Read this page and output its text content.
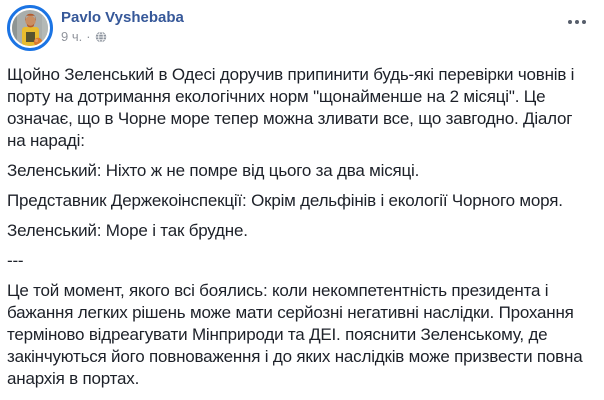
Pavlo Vyshebaba
9 ч. ·

Щойно Зеленський в Одесі доручив припинити будь-які перевірки човнів і порту на дотримання екологічних норм "щонайменше на 2 місяці". Це означає, що в Чорне море тепер можна зливати все, що завгодно. Діалог на нараді:

Зеленський: Ніхто ж не помре від цього за два місяці.

Представник Держекоінспекції: Окрім дельфінів і екології Чорного моря.

Зеленський: Море і так брудне.

---

Це той момент, якого всі боялись: коли некомпетентність президента і бажання легких рішень може мати серйозні негативні наслідки. Прохання терміново відреагувати Мінприроди та ДЕІ. пояснити Зеленському, де закінчуються його повноваження і до яких наслідків може призвести повна анархія в портах.
